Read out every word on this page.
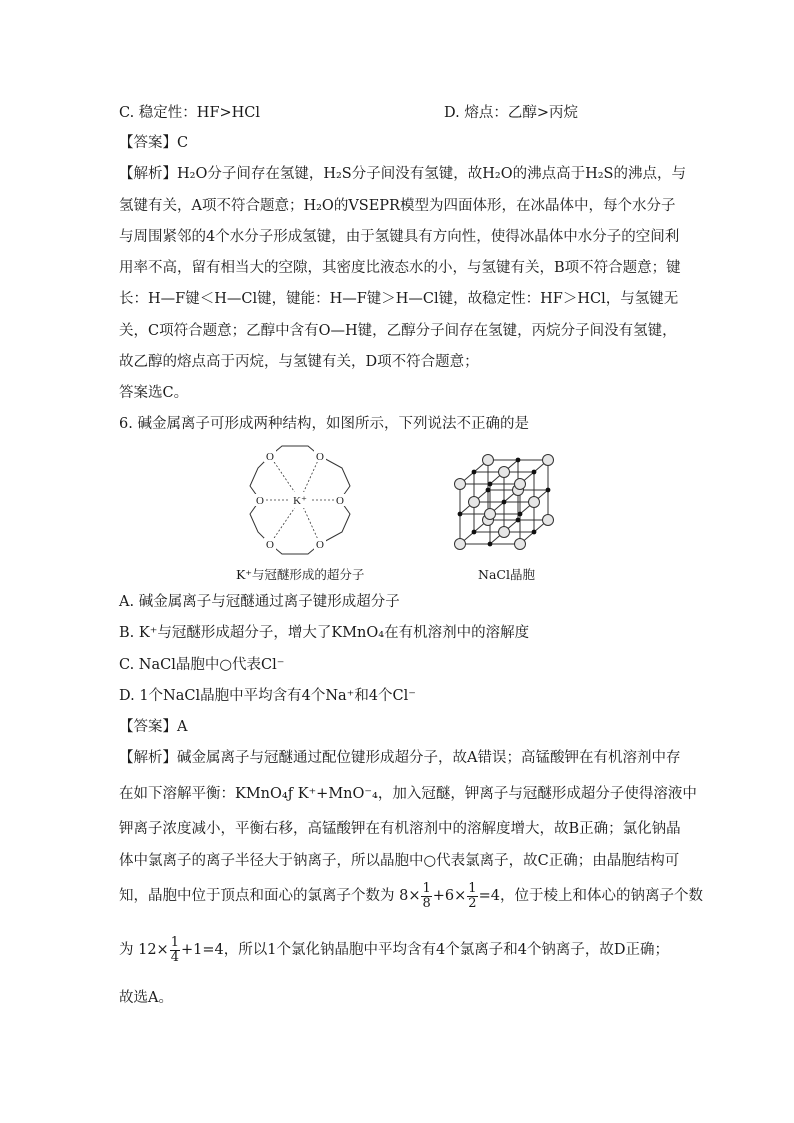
C. 稳定性：HF>HCl	D. 熔点：乙醇>丙烷
【答案】C
【解析】H₂O分子间存在氢键，H₂S分子间没有氢键，故H₂O的沸点高于H₂S的沸点，与
氢键有关，A项不符合题意；H₂O的VSEPR模型为四面体形，在冰晶体中，每个水分子
与周围紧邻的4个水分子形成氢键，由于氢键具有方向性，使得冰晶体中水分子的空间利
用率不高，留有相当大的空隙，其密度比液态水的小，与氢键有关，B项不符合题意；键
长：H—F键＜H—Cl键，键能：H—F键＞H—Cl键，故稳定性：HF＞HCl，与氢键无
关，C项符合题意；乙醇中含有O—H键，乙醇分子间存在氢键，丙烷分子间没有氢键，
故乙醇的熔点高于丙烷，与氢键有关，D项不符合题意；
答案选C。
6. 碱金属离子可形成两种结构，如图所示，下列说法不正确的是
O	O
O	O
O	O
K⁺
K⁺与冠醚形成的超分子	NaCl晶胞
A. 碱金属离子与冠醚通过离子键形成超分子
B. K⁺与冠醚形成超分子，增大了KMnO₄在有机溶剂中的溶解度
C. NaCl晶胞中○代表Cl⁻
D. 1个NaCl晶胞中平均含有4个Na⁺和4个Cl⁻
【答案】A
【解析】碱金属离子与冠醚通过配位键形成超分子，故A错误；高锰酸钾在有机溶剂中存
在如下溶解平衡：KMnO₄ƒ K⁺+MnO⁻₄，加入冠醚，钾离子与冠醚形成超分子使得溶液中
钾离子浓度减小，平衡右移，高锰酸钾在有机溶剂中的溶解度增大，故B正确；氯化钠晶
体中氯离子的离子半径大于钠离子，所以晶胞中○代表氯离子，故C正确；由晶胞结构可
知，晶胞中位于顶点和面心的氯离子个数为 $8\times \frac{1}{8} +6\times \frac{1}{2} =4$，位于棱上和体心的钠离子个数
为 $12\times \frac{1}{4} +1=4$，所以1个氯化钠晶胞中平均含有4个氯离子和4个钠离子，故D正确；
故选A。
